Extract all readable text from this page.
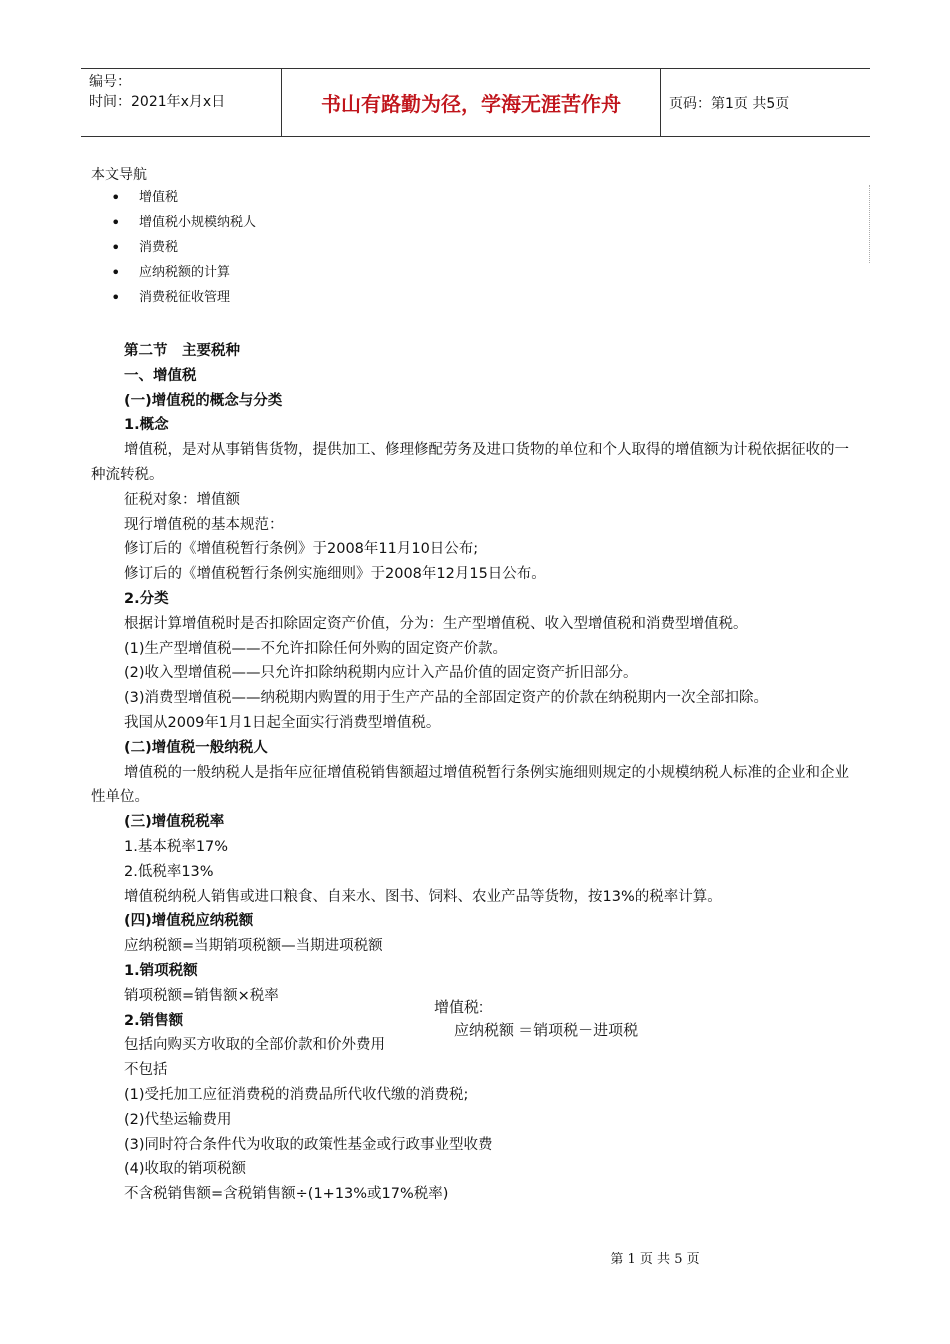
编号：
时间：2021年x月x日	书山有路勤为径，学海无涯苦作舟	页码：第1页 共5页
本文导航
• 增值税
• 增值税小规模纳税人
• 消费税
• 应纳税额的计算
• 消费税征收管理

第二节　主要税种

一、增值税

(一)增值税的概念与分类

1.概念

增值税，是对从事销售货物，提供加工、修理修配劳务及进口货物的单位和个人取得的增值额为计税依据征收的一种流转税。

征税对象：增值额

现行增值税的基本规范：

修订后的《增值税暂行条例》于2008年11月10日公布;

修订后的《增值税暂行条例实施细则》于2008年12月15日公布。

2.分类

根据计算增值税时是否扣除固定资产价值，分为：生产型增值税、收入型增值税和消费型增值税。

(1)生产型增值税——不允许扣除任何外购的固定资产价款。

(2)收入型增值税——只允许扣除纳税期内应计入产品价值的固定资产折旧部分。

(3)消费型增值税——纳税期内购置的用于生产产品的全部固定资产的价款在纳税期内一次全部扣除。

我国从2009年1月1日起全面实行消费型增值税。

(二)增值税一般纳税人

增值税的一般纳税人是指年应征增值税销售额超过增值税暂行条例实施细则规定的小规模纳税人标准的企业和企业性单位。

(三)增值税税率

1.基本税率17%

2.低税率13%

增值税纳税人销售或进口粮食、自来水、图书、饲料、农业产品等货物，按13%的税率计算。

(四)增值税应纳税额

应纳税额=当期销项税额—当期进项税额

1.销项税额

销项税额=销售额×税率

2.销售额

包括向购买方收取的全部价款和价外费用

不包括

(1)受托加工应征消费税的消费品所代收代缴的消费税;

(2)代垫运输费用

(3)同时符合条件代为收取的政策性基金或行政事业型收费

(4)收取的销项税额

不含税销售额=含税销售额÷(1+13%或17%税率)

增值税:
应纳税额 ＝销项税－进项税
第 1 页 共 5 页
